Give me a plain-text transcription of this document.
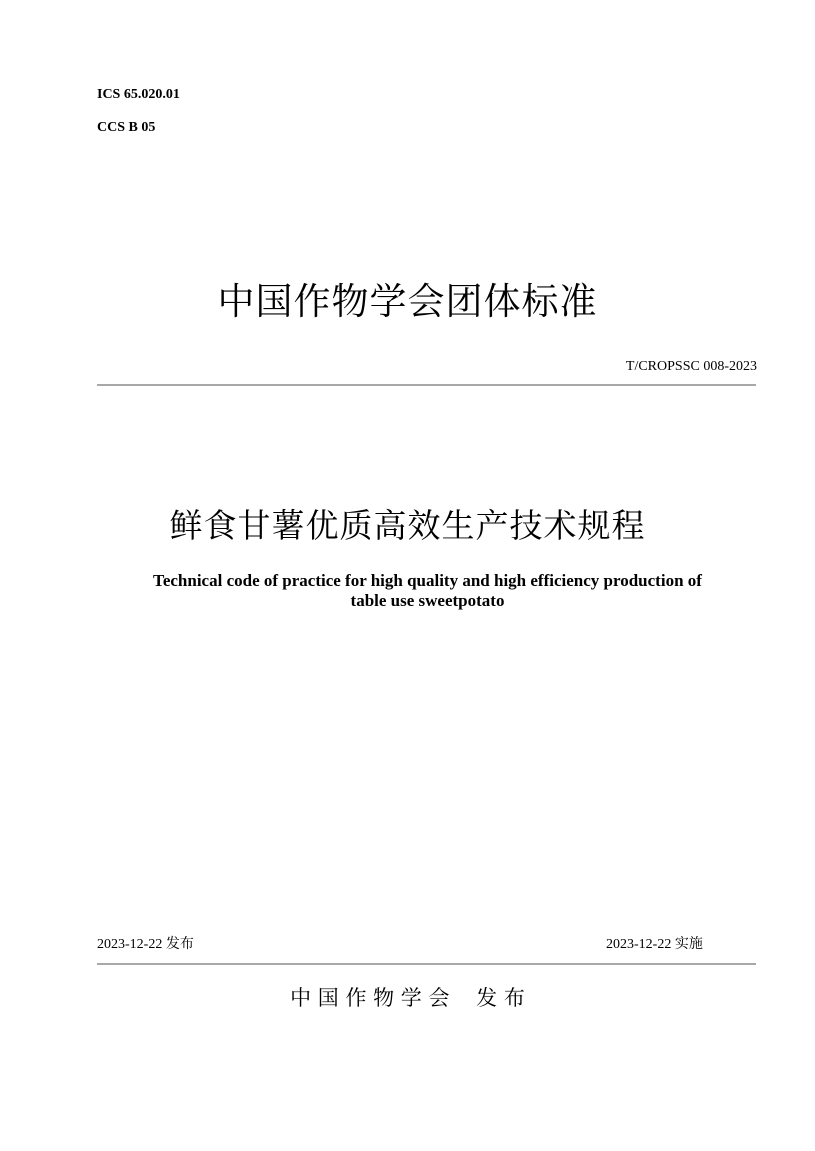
ICS 65.020.01
CCS B 05
中国作物学会团体标准
T/CROPSSC 008-2023
鲜食甘薯优质高效生产技术规程
Technical code of practice for high quality and high efficiency production of
table use sweetpotato
2023-12-22 发布	2023-12-22 实施
中 国 作 物 学 会    发 布
